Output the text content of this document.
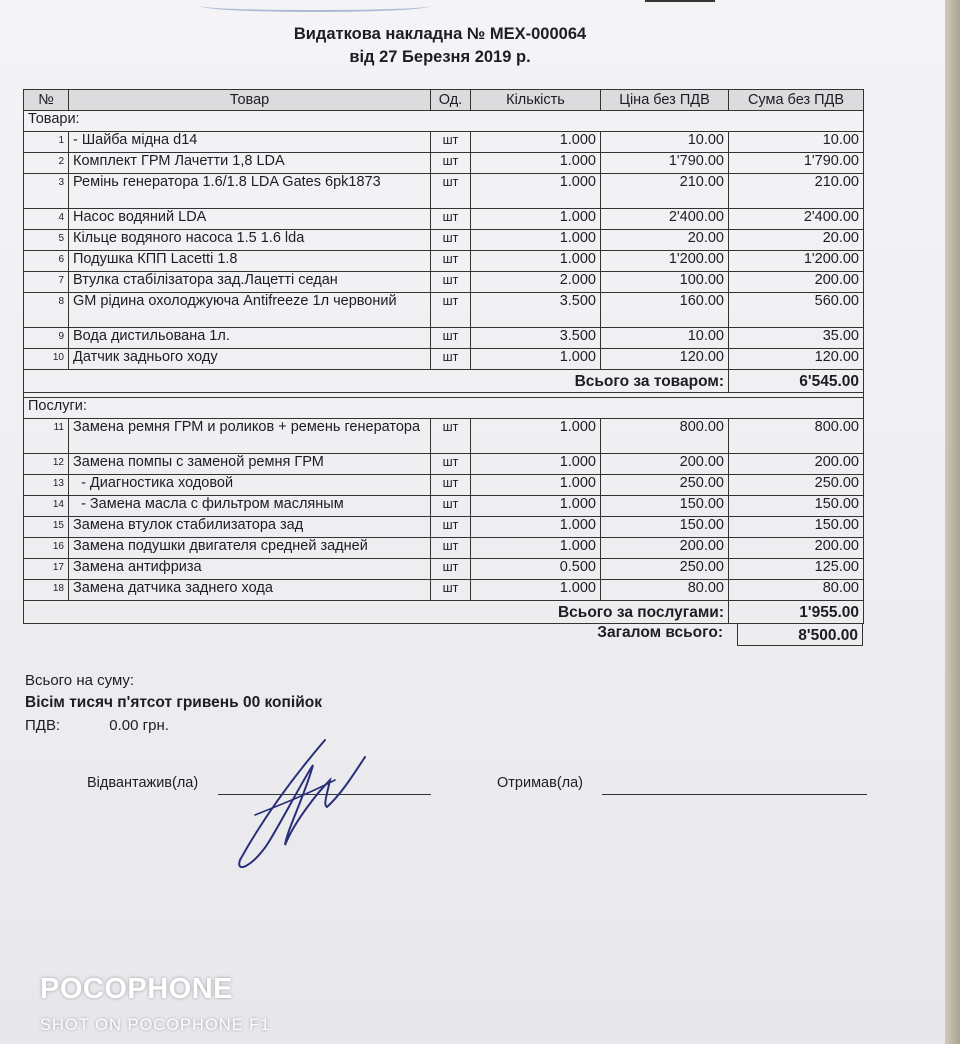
Видаткова накладна № МЕХ-000064
від 27 Березня 2019 р.
№	Товар	Од.	Кількість	Ціна без ПДВ	Сума без ПДВ
Товари:					
1	- Шайба мідна d14	шт	1.000	10.00	10.00
2	Комплект ГРМ Лачетти 1,8 LDA	шт	1.000	1'790.00	1'790.00
3	Ремінь генератора 1.6/1.8 LDA Gates 6pk1873	шт	1.000	210.00	210.00
4	Насос водяний LDA	шт	1.000	2'400.00	2'400.00
5	Кільце водяного насоса 1.5 1.6 lda	шт	1.000	20.00	20.00
6	Подушка КПП Lacetti 1.8	шт	1.000	1'200.00	1'200.00
7	Втулка стабілізатора зад.Лацетті седан	шт	2.000	100.00	200.00
8	GM рідина охолоджуюча Antifreeze 1л червоний	шт	3.500	160.00	560.00
9	Вода дистильована 1л.	шт	3.500	10.00	35.00
10	Датчик заднього ходу	шт	1.000	120.00	120.00
Всього за товаром:					6'545.00

Послуги:					
11	Замена ремня ГРМ и роликов + ремень генератора	шт	1.000	800.00	800.00
12	Замена помпы с заменой ремня ГРМ	шт	1.000	200.00	200.00
13	- Диагностика ходовой	шт	1.000	250.00	250.00
14	- Замена масла с фильтром масляным	шт	1.000	150.00	150.00
15	Замена втулок стабилизатора зад	шт	1.000	150.00	150.00
16	Замена подушки двигателя средней задней	шт	1.000	200.00	200.00
17	Замена антифриза	шт	0.500	250.00	125.00
18	Замена датчика заднего хода	шт	1.000	80.00	80.00
Всього за послугами:					1'955.00
Загалом всього:	8'500.00
Всього на суму:
Вісім тисяч п'ятсот гривень 00 копійок
ПДВ:	0.00 грн.
Відвантажив(ла)	Отримав(ла)
POCOPHONE
SHOT ON POCOPHONE F1
